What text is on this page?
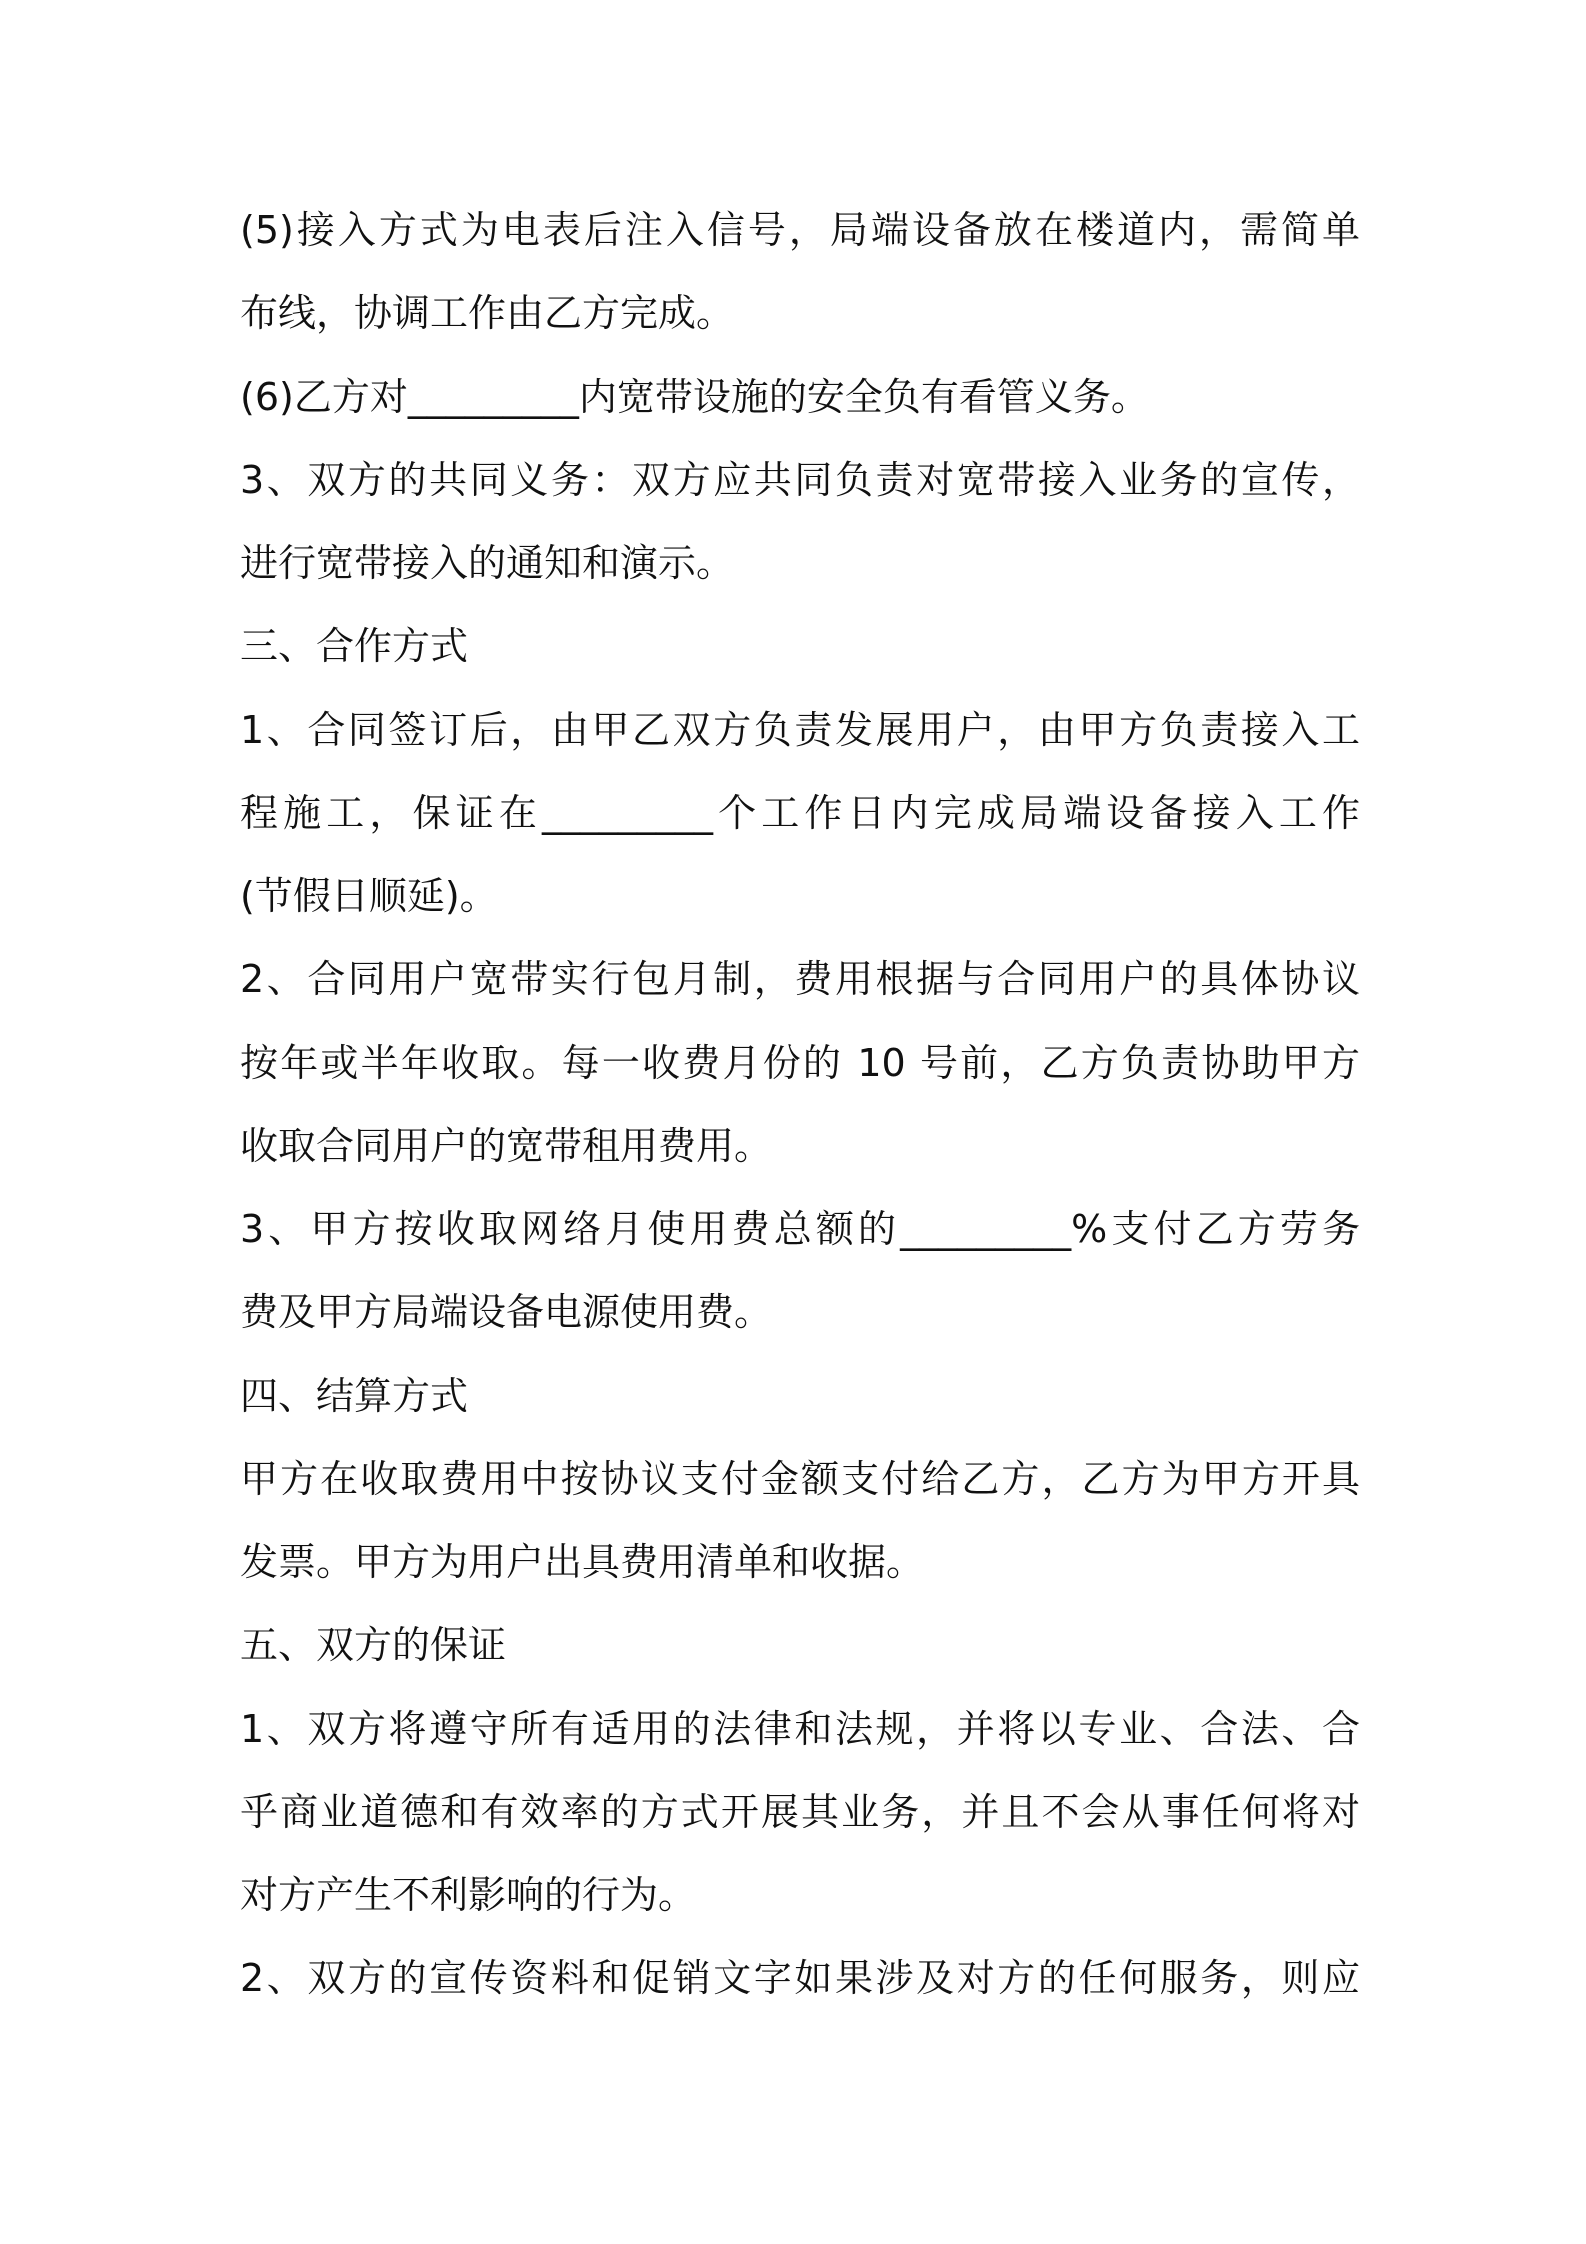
(5)接入方式为电表后注入信号，局端设备放在楼道内，需简单

布线，协调工作由乙方完成。

(6)乙方对_________内宽带设施的安全负有看管义务。

3、双方的共同义务：双方应共同负责对宽带接入业务的宣传，

进行宽带接入的通知和演示。

三、合作方式

1、合同签订后，由甲乙双方负责发展用户，由甲方负责接入工

程施工，保证在_________个工作日内完成局端设备接入工作

(节假日顺延)。

2、合同用户宽带实行包月制，费用根据与合同用户的具体协议

按年或半年收取。每一收费月份的 10 号前，乙方负责协助甲方

收取合同用户的宽带租用费用。

3、甲方按收取网络月使用费总额的_________%支付乙方劳务

费及甲方局端设备电源使用费。

四、结算方式

甲方在收取费用中按协议支付金额支付给乙方，乙方为甲方开具

发票。甲方为用户出具费用清单和收据。

五、双方的保证

1、双方将遵守所有适用的法律和法规，并将以专业、合法、合

乎商业道德和有效率的方式开展其业务，并且不会从事任何将对

对方产生不利影响的行为。

2、双方的宣传资料和促销文字如果涉及对方的任何服务，则应
